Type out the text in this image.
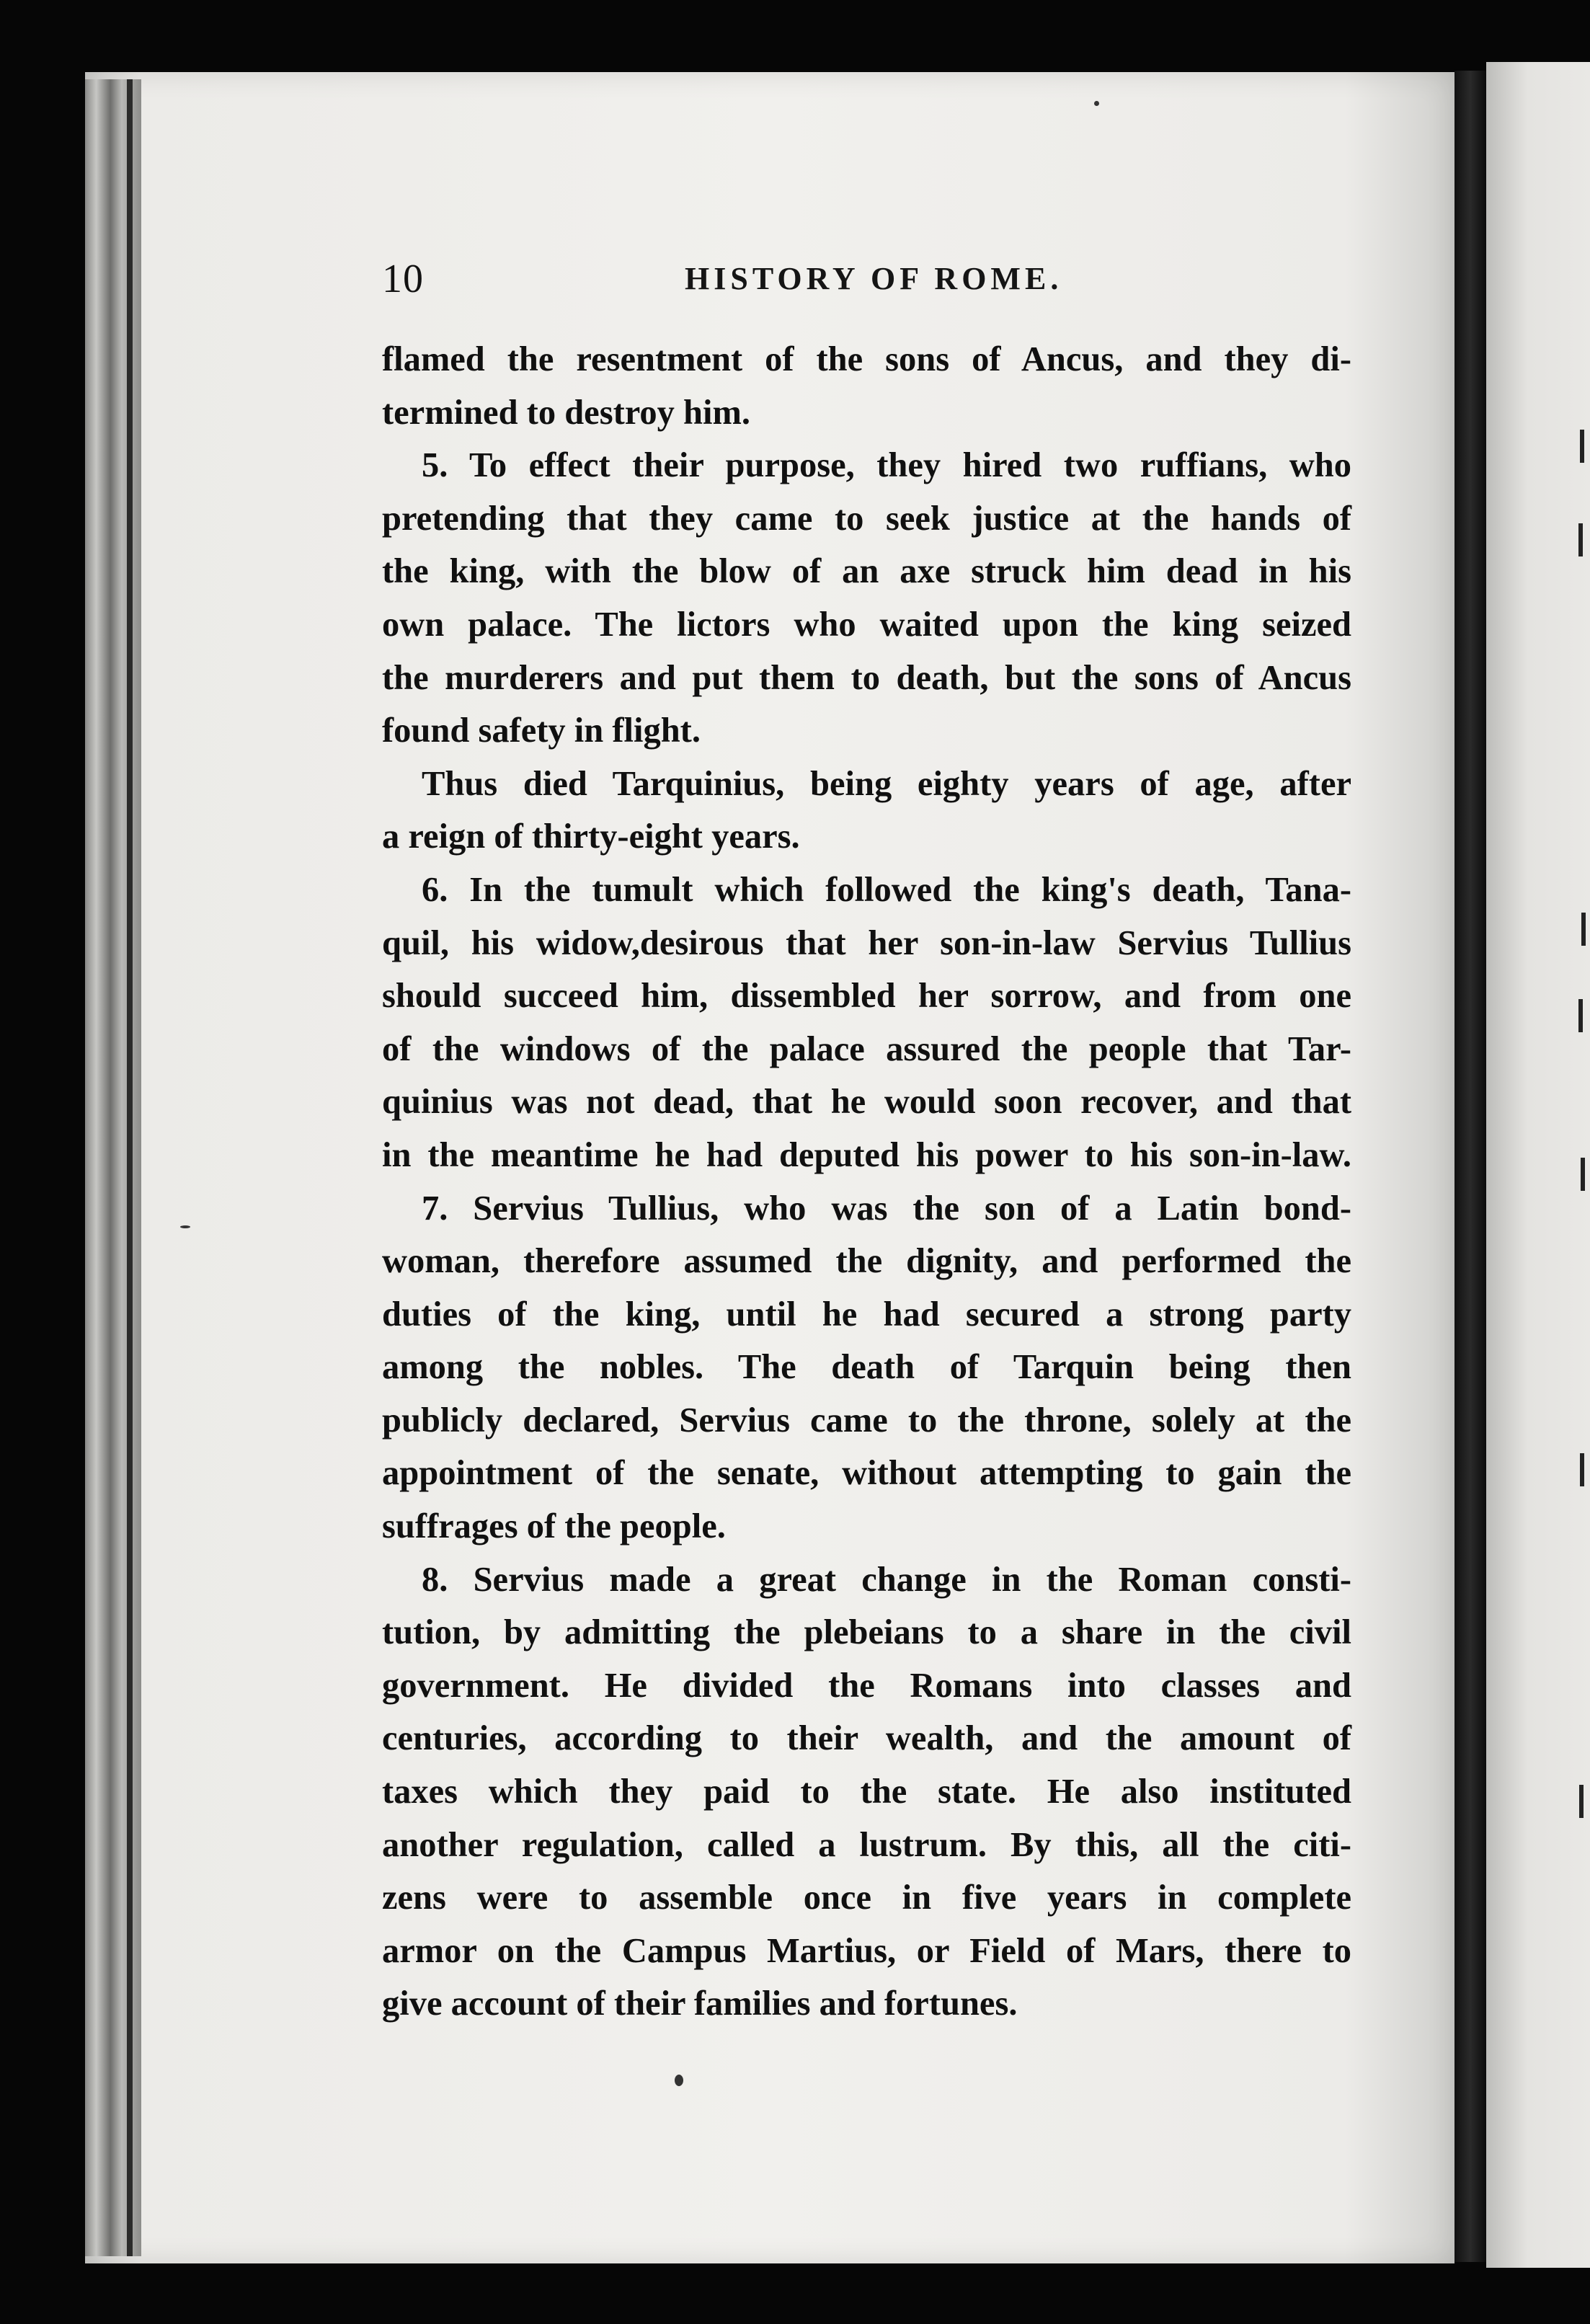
10	HISTORY OF ROME.
flamed the resentment of the sons of Ancus, and they di-
termined to destroy him.
5. To effect their purpose, they hired two ruffians, who
pretending that they came to seek justice at the hands of
the king, with the blow of an axe struck him dead in his
own palace. The lictors who waited upon the king seized
the murderers and put them to death, but the sons of Ancus
found safety in flight.
Thus died Tarquinius, being eighty years of age, after
a reign of thirty-eight years.
6. In the tumult which followed the king's death, Tana-
quil, his widow,desirous that her son-in-law Servius Tullius
should succeed him, dissembled her sorrow, and from one
of the windows of the palace assured the people that Tar-
quinius was not dead, that he would soon recover, and that
in the meantime he had deputed his power to his son-in-law.
7. Servius Tullius, who was the son of a Latin bond-
woman, therefore assumed the dignity, and performed the
duties of the king, until he had secured a strong party
among the nobles. The death of Tarquin being then
publicly declared, Servius came to the throne, solely at the
appointment of the senate, without attempting to gain the
suffrages of the people.
8. Servius made a great change in the Roman consti-
tution, by admitting the plebeians to a share in the civil
government. He divided the Romans into classes and
centuries, according to their wealth, and the amount of
taxes which they paid to the state. He also instituted
another regulation, called a lustrum. By this, all the citi-
zens were to assemble once in five years in complete
armor on the Campus Martius, or Field of Mars, there to
give account of their families and fortunes.
